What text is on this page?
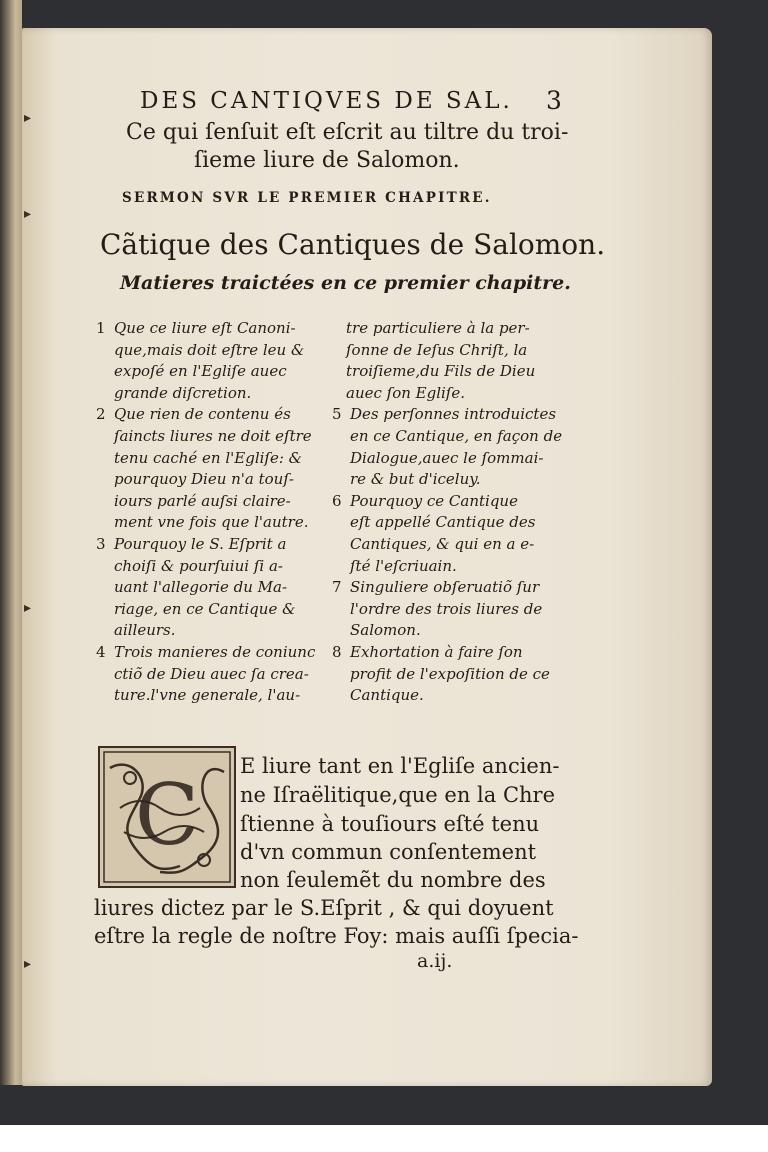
▸
▸
▸
▸
DES CANTIQVES DE SAL.	3
Ce qui ſenſuit eſt eſcrit au tiltre du troi-
ſieme liure de Salomon.
SERMON SVR LE PREMIER CHAPITRE.
Cãtique des Cantiques de Salomon.
Matieres traictées en ce premier chapitre.
1 Que ce liure eſt Canoni-
que,mais doit eſtre leu &
expoſé en l'Egliſe auec
grande diſcretion.
2 Que rien de contenu és
ſaincts liures ne doit eſtre
tenu caché en l'Egliſe: &
pourquoy Dieu n'a touſ-
iours parlé auſsi claire-
ment vne fois que l'autre.
3 Pourquoy le S. Eſprit a
choiſi & pourſuiui ſi a-
uant l'allegorie du Ma-
riage, en ce Cantique &
ailleurs.
4 Trois manieres de coniunc
ctiõ de Dieu auec ſa crea-
ture.l'vne generale, l'au-
tre particuliere à la per-
ſonne de Ieſus Chriſt, la
troiſieme,du Fils de Dieu
auec ſon Egliſe.
5 Des perſonnes introduictes
en ce Cantique, en façon de
Dialogue,auec le ſommai-
re & but d'iceluy.
6 Pourquoy ce Cantique
eſt appellé Cantique des
Cantiques, & qui en a e-
ſté l'eſcriuain.
7 Singuliere obſeruatiõ ſur
l'ordre des trois liures de
Salomon.
8 Exhortation à faire ſon
profit de l'expoſition de ce
Cantique.
C E liure tant en l'Egliſe ancien-
ne Iſraëlitique,que en la Chre
ſtienne à touſiours eſté tenu
d'vn commun conſentement
non ſeulemẽt du nombre des
liures dictez par le S.Eſprit , & qui doyuent
eſtre la regle de noſtre Foy: mais auſſi ſpecia-
a.ij.
